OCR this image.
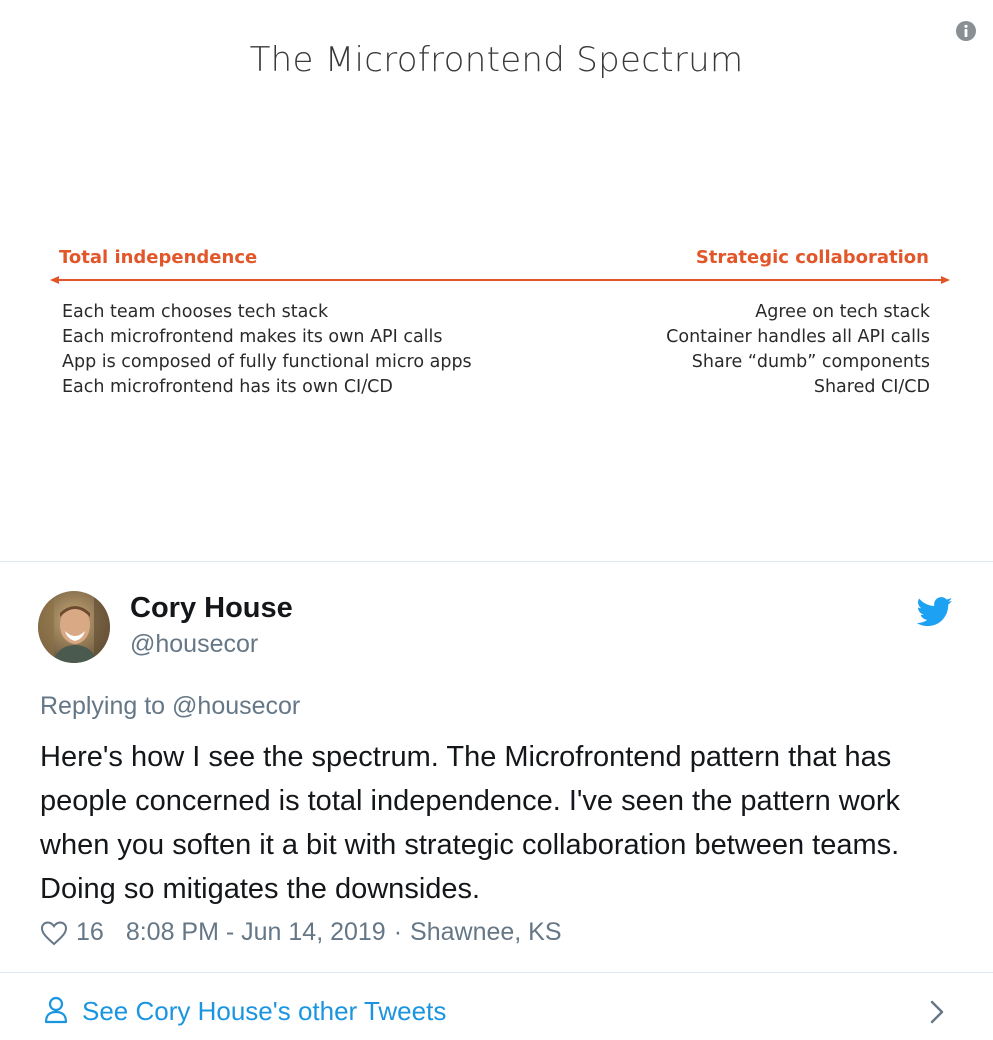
The Microfrontend Spectrum
Total independence	Strategic collaboration
Each team chooses tech stack
Each microfrontend makes its own API calls
App is composed of fully functional micro apps
Each microfrontend has its own CI/CD
Agree on tech stack
Container handles all API calls
Share “dumb” components
Shared CI/CD
Cory House
@housecor
Replying to @housecor
Here's how I see the spectrum. The Microfrontend pattern that has people concerned is total independence. I've seen the pattern work when you soften it a bit with strategic collaboration between teams. Doing so mitigates the downsides.
16 8:08 PM - Jun 14, 2019 · Shawnee, KS
See Cory House's other Tweets
